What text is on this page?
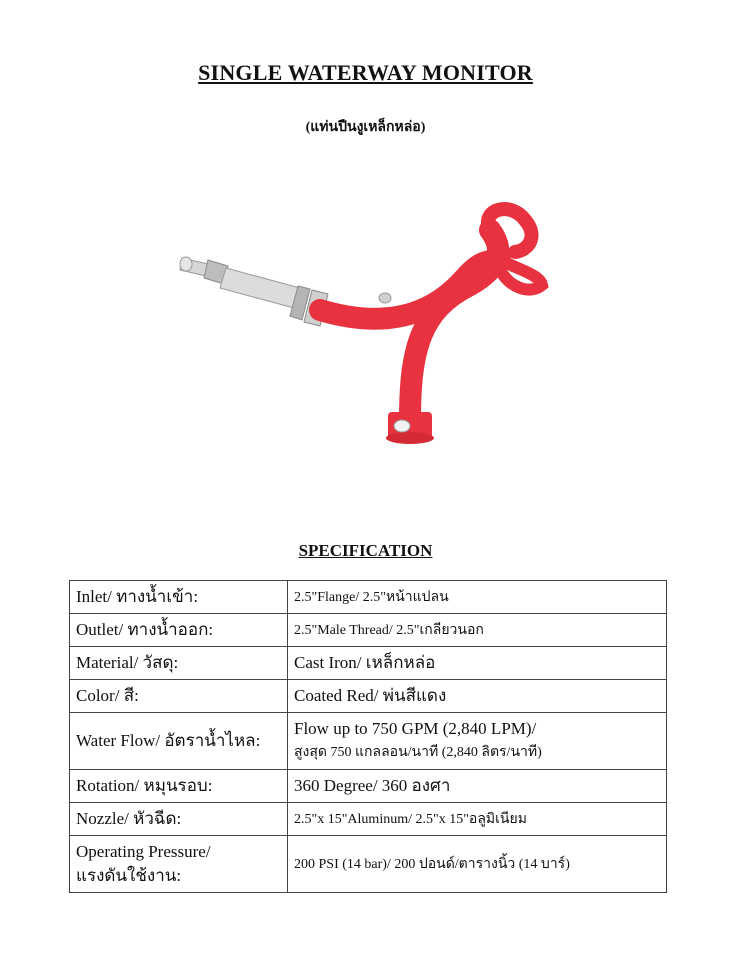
SINGLE WATERWAY MONITOR
(แท่นปืนงูเหล็กหล่อ)
SPECIFICATION
Inlet/ ทางน้ำเข้า:	2.5"Flange/ 2.5"หน้าแปลน
Outlet/ ทางน้ำออก:	2.5"Male Thread/ 2.5"เกลียวนอก
Material/ วัสดุ:	Cast Iron/ เหล็กหล่อ
Color/ สี:	Coated Red/ พ่นสีแดง
Water Flow/ อัตราน้ำไหล:	Flow up to 750 GPM (2,840 LPM)/
สูงสุด 750 แกลลอน/นาที (2,840 ลิตร/นาที)

Rotation/ หมุนรอบ:	360 Degree/ 360 องศา
Nozzle/ หัวฉีด:	2.5"x 15"Aluminum/ 2.5"x 15"อลูมิเนียม

Operating Pressure/
แรงดันใช้งาน:	200 PSI (14 bar)/ 200 ปอนด์/ตารางนิ้ว (14 บาร์)
